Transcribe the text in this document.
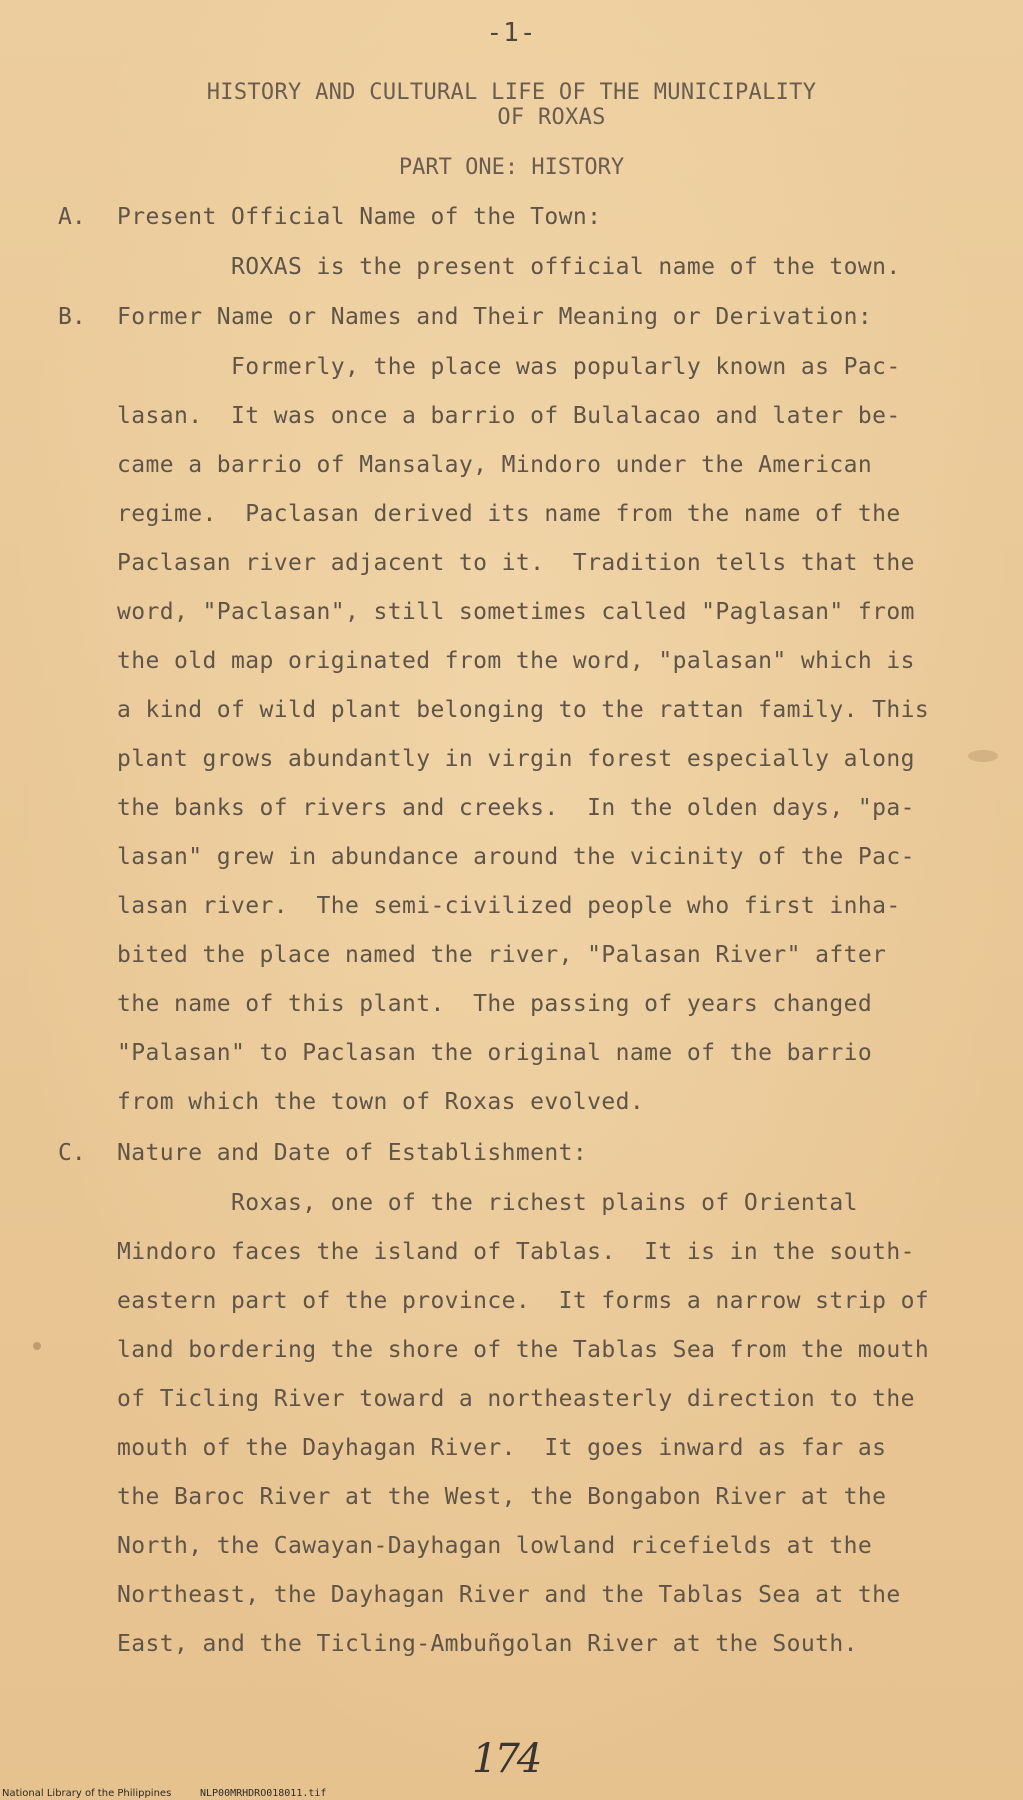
-1-
HISTORY AND CULTURAL LIFE OF THE MUNICIPALITY
OF ROXAS
PART ONE: HISTORY
A. Present Official Name of the Town:
ROXAS is the present official name of the town.
B. Former Name or Names and Their Meaning or Derivation:
Formerly, the place was popularly known as Pac-
lasan.  It was once a barrio of Bulalacao and later be-
came a barrio of Mansalay, Mindoro under the American
regime.  Paclasan derived its name from the name of the
Paclasan river adjacent to it.  Tradition tells that the
word, "Paclasan", still sometimes called "Paglasan" from
the old map originated from the word, "palasan" which is
a kind of wild plant belonging to the rattan family. This
plant grows abundantly in virgin forest especially along
the banks of rivers and creeks.  In the olden days, "pa-
lasan" grew in abundance around the vicinity of the Pac-
lasan river.  The semi-civilized people who first inha-
bited the place named the river, "Palasan River" after
the name of this plant.  The passing of years changed
"Palasan" to Paclasan the original name of the barrio
from which the town of Roxas evolved.
C. Nature and Date of Establishment:
Roxas, one of the richest plains of Oriental
Mindoro faces the island of Tablas.  It is in the south-
eastern part of the province.  It forms a narrow strip of
land bordering the shore of the Tablas Sea from the mouth
of Ticling River toward a northeasterly direction to the
mouth of the Dayhagan River.  It goes inward as far as
the Baroc River at the West, the Bongabon River at the
North, the Cawayan-Dayhagan lowland ricefields at the
Northeast, the Dayhagan River and the Tablas Sea at the
East, and the Ticling-Ambuñgolan River at the South.
174
National Library of the Philippines	NLP00MRHDRO018011.tif
